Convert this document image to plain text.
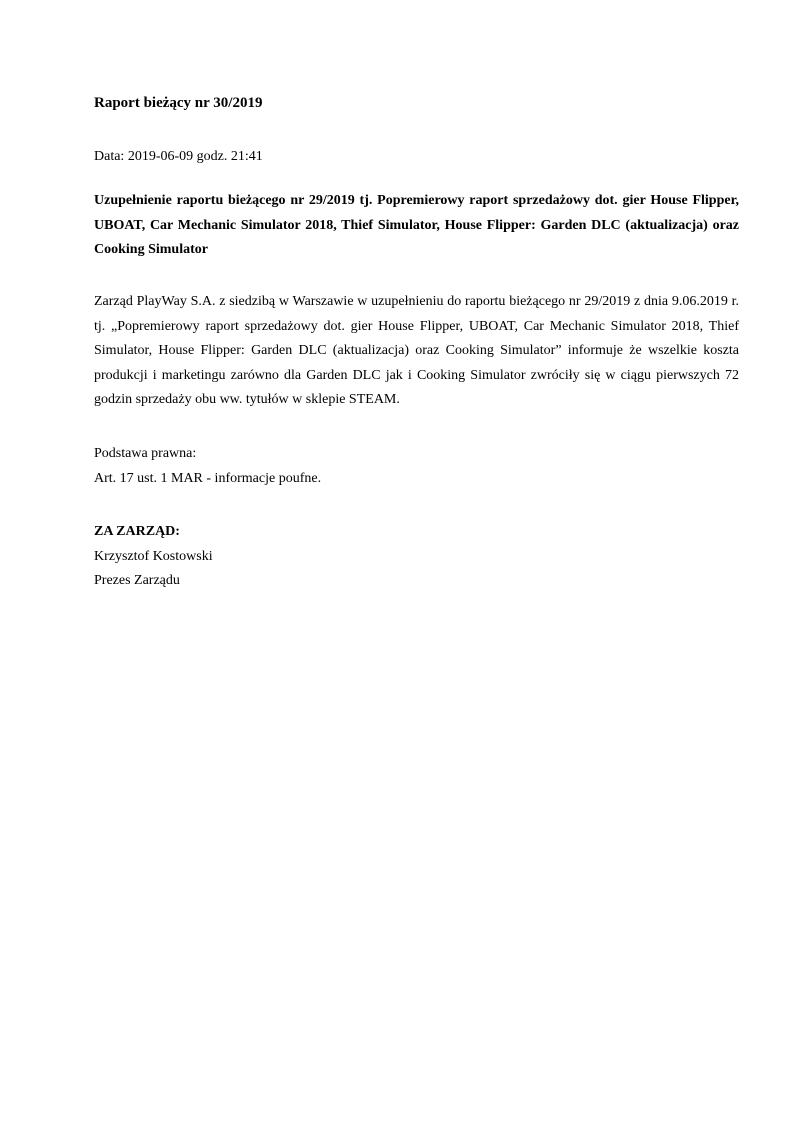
Raport bieżący nr 30/2019
Data: 2019-06-09 godz. 21:41
Uzupełnienie raportu bieżącego nr 29/2019 tj. Popremierowy raport sprzedażowy dot. gier House Flipper, UBOAT, Car Mechanic Simulator 2018, Thief Simulator, House Flipper: Garden DLC (aktualizacja) oraz Cooking Simulator
Zarząd PlayWay S.A. z siedzibą w Warszawie w uzupełnieniu do raportu bieżącego nr 29/2019 z dnia 9.06.2019 r. tj. „Popremierowy raport sprzedażowy dot. gier House Flipper, UBOAT, Car Mechanic Simulator 2018, Thief Simulator, House Flipper: Garden DLC (aktualizacja) oraz Cooking Simulator” informuje że wszelkie koszta produkcji i marketingu zarówno dla Garden DLC jak i Cooking Simulator zwróciły się w ciągu pierwszych 72 godzin sprzedaży obu ww. tytułów w sklepie STEAM.
Podstawa prawna:
Art. 17 ust. 1 MAR - informacje poufne.
ZA ZARZĄD:
Krzysztof Kostowski
Prezes Zarządu
